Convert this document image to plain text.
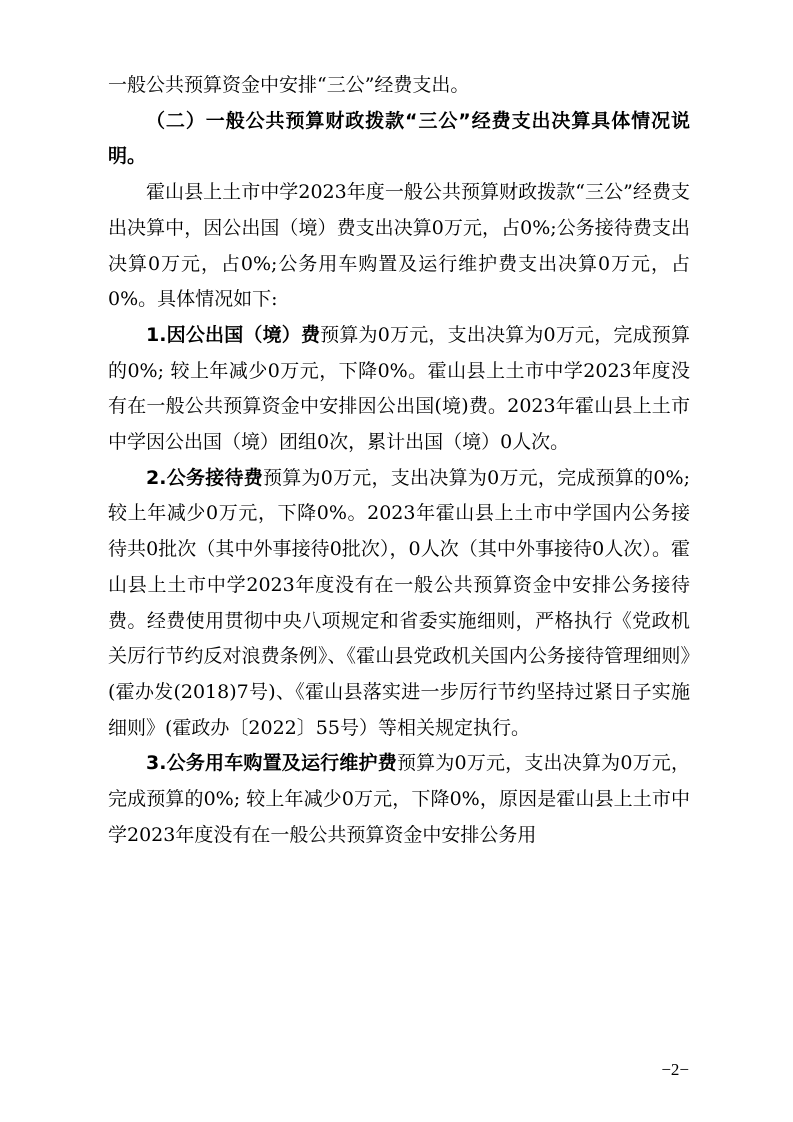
一般公共预算资金中安排“三公”经费支出。

（二）一般公共预算财政拨款“三公”经费支出决算具体情况说明。

霍山县上土市中学2023年度一般公共预算财政拨款“三公”经费支出决算中，因公出国（境）费支出决算0万元，占0%;公务接待费支出决算0万元，占0%;公务用车购置及运行维护费支出决算0万元，占0%。具体情况如下:

1.因公出国（境）费预算为0万元，支出决算为0万元，完成预算的0%; 较上年减少0万元，下降0%。霍山县上土市中学2023年度没有在一般公共预算资金中安排因公出国(境)费。2023年霍山县上土市中学因公出国（境）团组0次，累计出国（境）0人次。

2.公务接待费预算为0万元，支出决算为0万元，完成预算的0%; 较上年减少0万元，下降0%。2023年霍山县上土市中学国内公务接待共0批次（其中外事接待0批次），0人次（其中外事接待0人次）。霍山县上土市中学2023年度没有在一般公共预算资金中安排公务接待费。经费使用贯彻中央八项规定和省委实施细则，严格执行《党政机关厉行节约反对浪费条例》、《霍山县党政机关国内公务接待管理细则》(霍办发(2018)7号)、《霍山县落实进一步厉行节约坚持过紧日子实施细则》(霍政办〔2022〕55号）等相关规定执行。

3.公务用车购置及运行维护费预算为0万元，支出决算为0万元，完成预算的0%; 较上年减少0万元，下降0%，原因是霍山县上土市中学2023年度没有在一般公共预算资金中安排公务用

−2−
